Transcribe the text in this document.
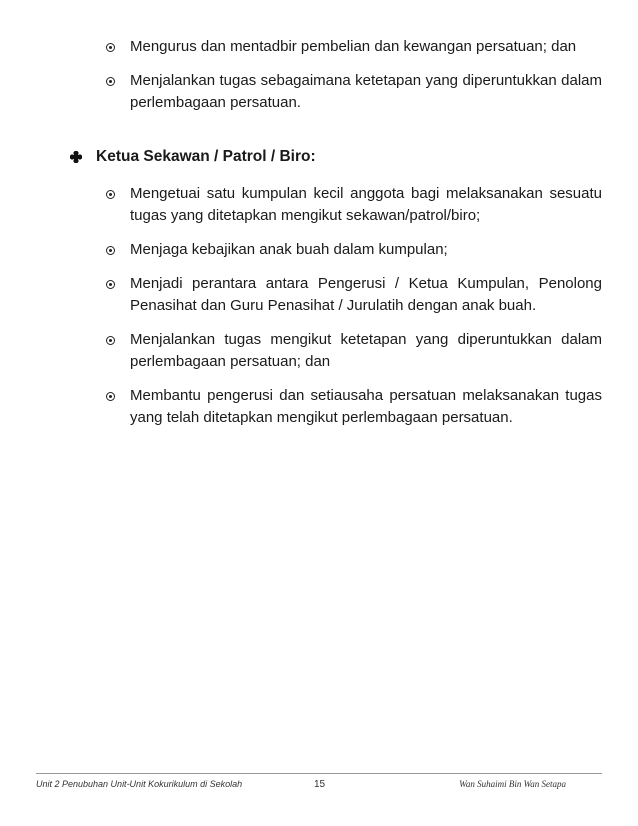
Mengurus dan mentadbir pembelian dan kewangan persatuan; dan
Menjalankan tugas sebagaimana ketetapan yang diperuntukkan dalam perlembagaan persatuan.
Ketua Sekawan / Patrol / Biro:
Mengetuai satu kumpulan kecil anggota bagi melaksanakan sesuatu tugas yang ditetapkan mengikut sekawan/patrol/biro;
Menjaga kebajikan anak buah dalam kumpulan;
Menjadi perantara antara Pengerusi / Ketua Kumpulan, Penolong Penasihat dan Guru Penasihat / Jurulatih dengan anak buah.
Menjalankan tugas mengikut ketetapan yang diperuntukkan dalam perlembagaan persatuan; dan
Membantu pengerusi dan setiausaha persatuan melaksanakan tugas yang telah ditetapkan mengikut perlembagaan persatuan.
Unit 2 Penubuhan Unit-Unit Kokurikulum di Sekolah	15	Wan Suhaimi Bin Wan Setapa
